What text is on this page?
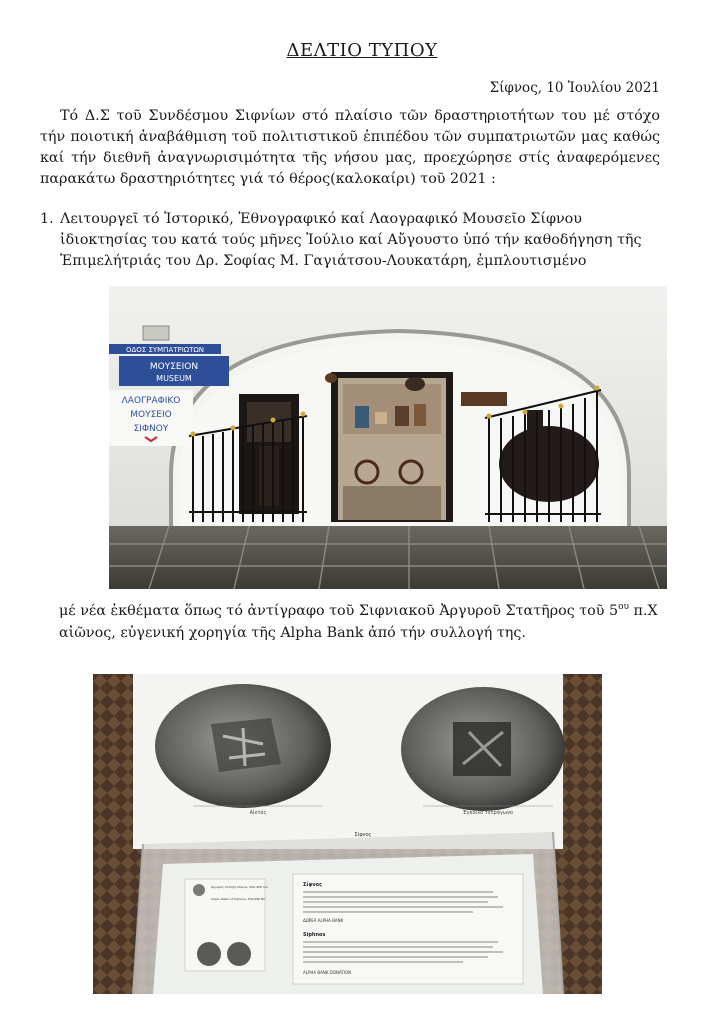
ΔΕΛΤΙΟ ΤΥΠΟΥ
Σίφνος, 10 Ἰουλίου 2021

Τό Δ.Σ τοῦ Συνδέσμου Σιφνίων στό πλαίσιο τῶν δραστηριοτήτων του μέ στόχο τήν ποιοτική ἀναβάθμιση τοῦ πολιτιστικοῦ ἐπιπέδου τῶν συμπατριωτῶν μας καθώς καί τήν διεθνῆ ἀναγνωρισιμότητα τῆς νήσου μας, προεχώρησε στίς ἀναφερόμενες παρακάτω δραστηριότητες γιά τό θέρος(καλοκαίρι) τοῦ 2021 :

1. Λειτουργεῖ τό Ἱστορικό, Ἐθνογραφικό καί Λαογραφικό Μουσεῖο Σίφνου ἰδιοκτησίας του κατά τούς μῆνες Ἰούλιο καί Αὔγουστο ὑπό τήν καθοδήγηση τῆς Ἐπιμελήτριάς του Δρ. Σοφίας Μ. Γαγιάτσου-Λουκατάρη, ἐμπλουτισμένο
ΟΔΟΣ ΣΥΜΠΑΤΡΙΩΤΩΝ
ΜΟΥΣΕΙΟΝ
ΜUSEUM
ΛΑΟΓΡΑΦΙΚΟ
ΜΟΥΣΕΙΟ
ΣΙΦΝΟΥ

μέ νέα ἐκθέματα ὅπως τό ἀντίγραφο τοῦ Σιφνιακοῦ Ἀργυροῦ Στατῆρος τοῦ $5^{o\upsilon}$ π.Χ αἰῶνος, εὐγενική χορηγία τῆς Alpha Bank ἀπό τήν συλλογή της.

Αἰετός	Ἐγκοίλο τετράγωνο
Σίφνος
Ἀργυρός στατήρ Σίφνου, 500-480 π.Χ.
Silver stater of Siphnos, 500-480 BC
Σίφνος
ΔΩΡΕΑ ALPHA BANK
Siphnos
ALPHA BANK DONATION
